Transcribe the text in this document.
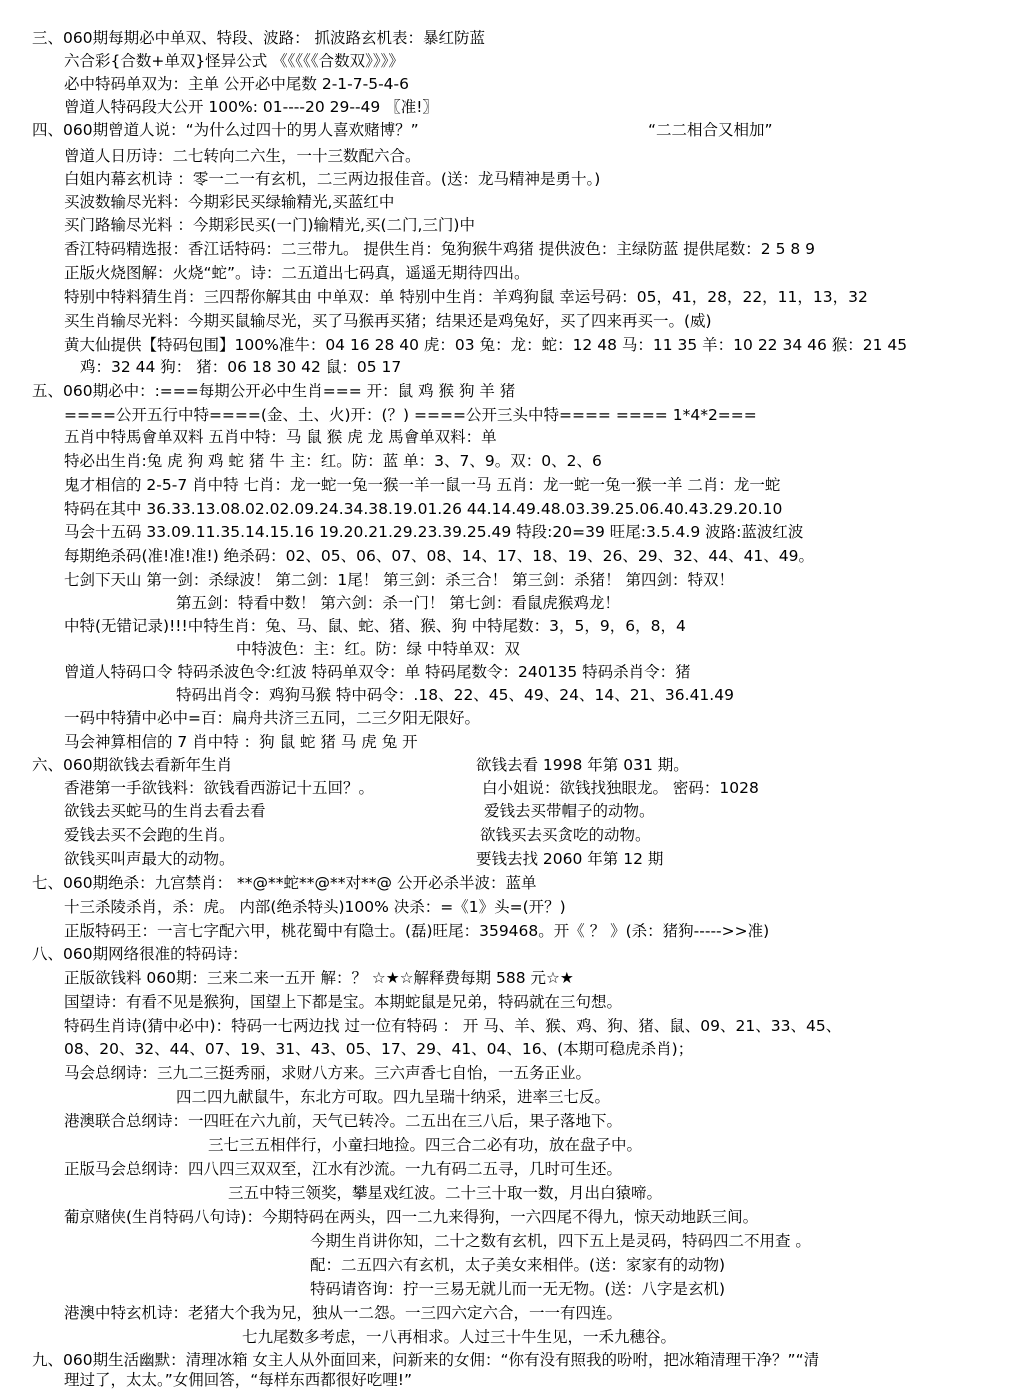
三、060期每期必中单双、特段、波路： 抓波路玄机表：暴红防蓝
六合彩{合数+单双}怪异公式 《《《《《合数双》》》》
必中特码单双为：主单 公开必中尾数 2-1-7-5-4-6
曾道人特码段大公开 100%: 01----20 29--49 〖准!〗
四、060期曾道人说：“为什么过四十的男人喜欢赌博？”	“二二相合又相加”
曾道人日历诗：二七转向二六生，一十三数配六合。
白姐内幕玄机诗 ：零一二一有玄机，二三两边报佳音。(送：龙马精神是勇十。)
买波数输尽光料：今期彩民买绿输精光,买蓝红中
买门路输尽光料 ：今期彩民买(一门)输精光,买(二门,三门)中
香江特码精选报：香江话特码：二三带九。 提供生肖：兔狗猴牛鸡猪 提供波色：主绿防蓝 提供尾数：2 5 8 9
正版火烧图解：火烧“蛇”。诗：二五道出七码真，遥遥无期待四出。
特别中特料猜生肖：三四帮你解其由 中单双：单 特别中生肖：羊鸡狗鼠 幸运号码：05，41，28，22，11，13，32
买生肖输尽光料：今期买鼠输尽光，买了马猴再买猪；结果还是鸡兔好，买了四来再买一。(威)
黄大仙提供【特码包围】100%准牛：04 16 28 40 虎：03 兔：龙：蛇：12 48 马：11 35 羊：10 22 34 46 猴：21 45
鸡：32 44 狗： 猪：06 18 30 42 鼠：05 17
五、060期必中：:===每期公开必中生肖=== 开：鼠 鸡 猴 狗 羊 猪
====公开五行中特====(金、土、火)开：(？) ====公开三头中特==== ==== 1*4*2===
五肖中特馬會单双料 五肖中特：马 鼠 猴 虎 龙 馬會单双料：单
特必出生肖:兔 虎 狗 鸡 蛇 猪 牛 主：红。防：蓝 单：3、7、9。双：0、2、6
鬼才相信的 2-5-7 肖中特 七肖：龙一蛇一兔一猴一羊一鼠一马 五肖：龙一蛇一兔一猴一羊 二肖：龙一蛇
特码在其中 36.33.13.08.02.02.09.24.34.38.19.01.26 44.14.49.48.03.39.25.06.40.43.29.20.10
马会十五码 33.09.11.35.14.15.16 19.20.21.29.23.39.25.49 特段:20=39 旺尾:3.5.4.9 波路:蓝波红波
每期绝杀码(准!准!准!) 绝杀码：02、05、06、07、08、14、17、18、19、26、29、32、44、41、49。
七剑下天山 第一剑：杀绿波！ 第二剑：1尾！ 第三剑：杀三合！ 第三剑：杀猪！ 第四剑：特双！
第五剑：特看中数！ 第六剑：杀一门！ 第七剑：看鼠虎猴鸡龙！
中特(无错记录)!!!中特生肖：兔、马、鼠、蛇、猪、猴、狗 中特尾数：3，5，9，6，8，4
中特波色：主：红。防：绿 中特单双：双
曾道人特码口令 特码杀波色令:红波 特码单双令：单 特码尾数令：240135 特码杀肖令：猪
特码出肖令：鸡狗马猴 特中码令：.18、22、45、49、24、14、21、36.41.49
一码中特猜中必中=百：扁舟共济三五同，二三夕阳无限好。
马会神算相信的 7 肖中特 ：狗 鼠 蛇 猪 马 虎 兔 开
六、060期欲钱去看新年生肖	欲钱去看 1998 年第 031 期。
香港第一手欲钱料：欲钱看西游记十五回？。	白小姐说：欲钱找独眼龙。 密码：1028
欲钱去买蛇马的生肖去看去看	爱钱去买带帽子的动物。
爱钱去买不会跑的生肖。	欲钱买去买贪吃的动物。
欲钱买叫声最大的动物。	要钱去找 2060 年第 12 期
七、060期绝杀：九宫禁肖： **@**蛇**@**对**@ 公开必杀半波：蓝单
十三杀陵杀肖，杀：虎。 内部(绝杀特头)100% 决杀：=《1》头=(开？)
正版特码王：一言七字配六甲，桃花蜀中有隐士。(磊)旺尾：359468。开《 ？ 》(杀：猪狗----->>准)
八、060期网络很准的特码诗：
正版欲钱料 060期：三来二来一五开 解：？ ☆★☆解释费每期 588 元☆★
国望诗：有看不见是猴狗，国望上下都是宝。本期蛇鼠是兄弟，特码就在三句想。
特码生肖诗(猜中必中)：特码一七两边找 过一位有特码 ： 开 马、羊、猴、鸡、狗、猪、鼠、09、21、33、45、
08、20、32、44、07、19、31、43、05、17、29、41、04、16、(本期可稳虎杀肖)；
马会总纲诗：三九二三挺秀丽，求财八方来。三六声香七自怡，一五务正业。
四二四九献鼠牛，东北方可取。四九呈瑞十纳采，进率三七反。
港澳联合总纲诗：一四旺在六九前，天气已转冷。二五出在三八后，果子落地下。
三七三五相伴行，小童扫地捡。四三合二必有功，放在盘子中。
正版马会总纲诗：四八四三双双至，江水有沙流。一九有码二五寻，几时可生还。
三五中特三领奖，攀星戏红波。二十三十取一数，月出白猿啼。
葡京赌侠(生肖特码八句诗)：今期特码在两头，四一二九来得狗，一六四尾不得九，惊天动地跃三间。
今期生肖讲你知，二十之数有玄机，四下五上是灵码，特码四二不用查 。
配：二五四六有玄机，太子美女来相伴。(送：家家有的动物)
特码请咨询：拧一三易无就儿而一无无物。(送：八字是玄机)
港澳中特玄机诗：老猪大个我为兄，独从一二怨。一三四六定六合，一一有四连。
七九尾数多考虑，一八再相求。人过三十牛生见，一禾九穗谷。
九、060期生活幽默：清理冰箱 女主人从外面回来，问新来的女佣：“你有没有照我的吩咐，把冰箱清理干净？”“清
理过了，太太。”女佣回答，“每样东西都很好吃哩!”
